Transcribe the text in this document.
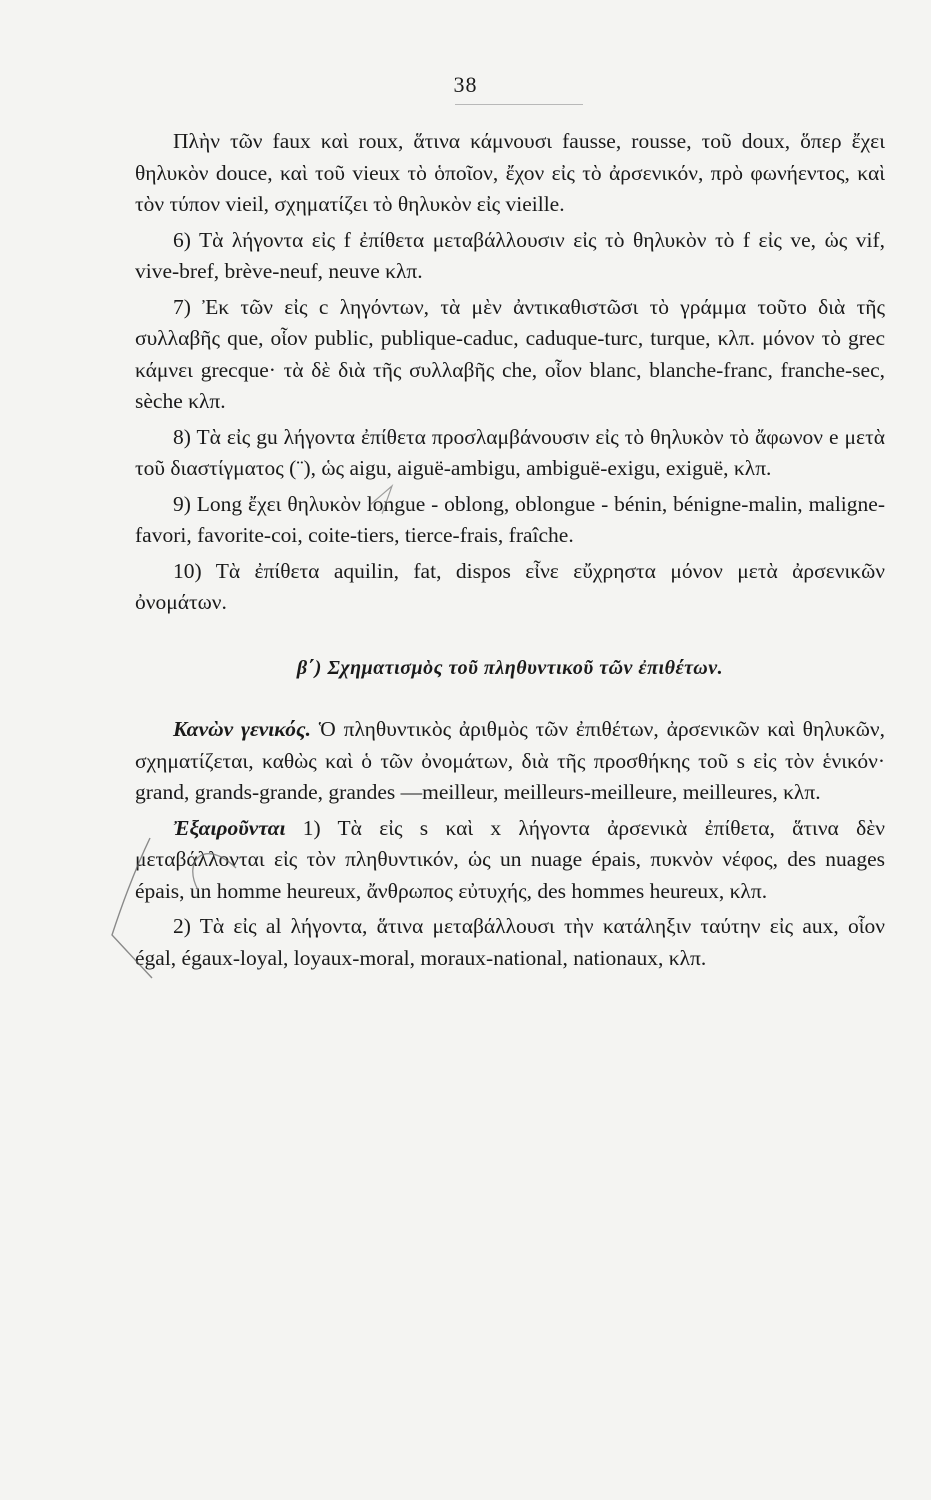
38

Πλὴν τῶν faux καὶ roux, ἅτινα κάμνουσι fausse, rousse, τοῦ doux, ὅπερ ἔχει θηλυκὸν douce, καὶ τοῦ vieux τὸ ὁποῖον, ἔχον εἰς τὸ ἀρσενικόν, πρὸ φωνήεντος, καὶ τὸν τύπον vieil, σχηματίζει τὸ θηλυκὸν εἰς vieille.

6) Τὰ λήγοντα εἰς f ἐπίθετα μεταβάλλουσιν εἰς τὸ θηλυκὸν τὸ f εἰς ve, ὡς vif, vive-bref, brève-neuf, neuve κλπ.

7) Ἐκ τῶν εἰς c ληγόντων, τὰ μὲν ἀντικαθιστῶσι τὸ γράμμα τοῦτο διὰ τῆς συλλαβῆς que, οἷον public, publique-caduc, caduque-turc, turque, κλπ. μόνον τὸ grec κάμνει grecque· τὰ δὲ διὰ τῆς συλλαβῆς che, οἷον blanc, blanche-franc, franche-sec, sèche κλπ.

8) Τὰ εἰς gu λήγοντα ἐπίθετα προσλαμβάνουσιν εἰς τὸ θηλυκὸν τὸ ἄφωνον e μετὰ τοῦ διαστίγματος (¨), ὡς aigu, aiguë-ambigu, ambiguë-exigu, exiguë, κλπ.

9) Long ἔχει θηλυκὸν longue - oblong, oblongue - bénin, bénigne-malin, maligne-favori, favorite-coi, coite-tiers, tierce-frais, fraîche.

10) Τὰ ἐπίθετα aquilin, fat, dispos εἶνε εὔχρηστα μόνον μετὰ ἀρσενικῶν ὀνομάτων.

β΄) Σχηματισμὸς τοῦ πληθυντικοῦ τῶν ἐπιθέτων.

Κανὼν γενικός. Ὁ πληθυντικὸς ἀριθμὸς τῶν ἐπιθέτων, ἀρσενικῶν καὶ θηλυκῶν, σχηματίζεται, καθὼς καὶ ὁ τῶν ὀνομάτων, διὰ τῆς προσθήκης τοῦ s εἰς τὸν ἑνικόν· grand, grands-grande, grandes —meilleur, meilleurs-meilleure, meilleures, κλπ.

Ἐξαιροῦνται 1) Τὰ εἰς s καὶ x λήγοντα ἀρσενικὰ ἐπίθετα, ἅτινα δὲν μεταβάλλονται εἰς τὸν πληθυντικόν, ὡς un nuage épais, πυκνὸν νέφος, des nuages épais, un homme heureux, ἄνθρωπος εὐτυχής, des hommes heureux, κλπ.

2) Τὰ εἰς al λήγοντα, ἅτινα μεταβάλλουσι τὴν κατάληξιν ταύτην εἰς aux, οἷον égal, égaux-loyal, loyaux-moral, moraux-national, nationaux, κλπ.
